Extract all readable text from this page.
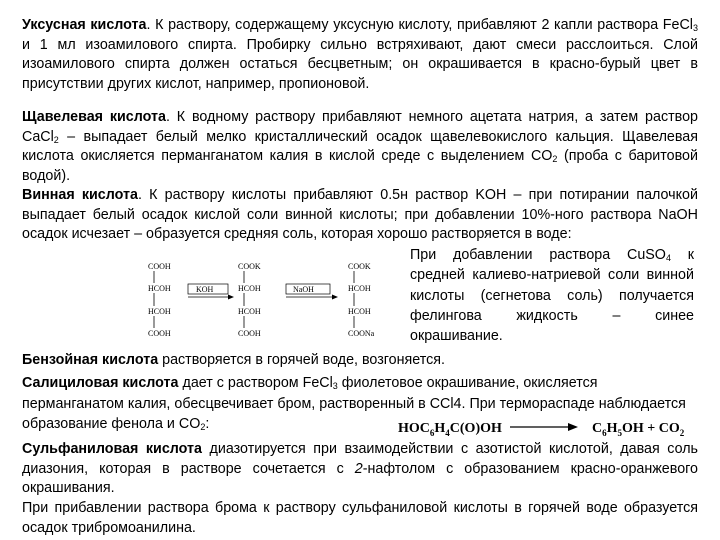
Уксусная кислота. К раствору, содержащему уксусную кислоту, прибавляют 2 капли раствора FeCl$_3$ и 1 мл изоамилового спирта. Пробирку сильно встряхивают, дают смеси расслоиться. Слой изоамилового спирта должен остаться бесцветным; он окрашивается в красно-бурый цвет в присутствии других кислот, например, пропионовой.
Щавелевая кислота. К водному раствору прибавляют немного ацетата натрия, а затем раствор CaCl$_2$ – выпадает белый мелко кристаллический осадок щавелевокислого кальция. Щавелевая кислота окисляется перманганатом калия в кислой среде с выделением $CO_2$ (проба с баритовой водой).
Винная кислота. К раствору кислоты прибавляют 0.5н раствор KOH – при потирании палочкой выпадает белый осадок кислой соли винной кислоты; при добавлении 10%-ного раствора NaOH осадок исчезает – образуется средняя соль, которая хорошо растворяется в воде:
COOH
HCOH
HCOH
COOH
KOH
COOK
HCOH
HCOH
COOH
NaOH
COOK
HCOH
HCOH
COONa
При добавлении раствора CuSO$_4$ к средней калиево-натриевой соли винной кислоты (сегнетова соль) получается фелингова жидкость – синее окрашивание.
Бензойная кислота растворяется в горячей воде, возгоняется.
Салициловая кислота дает с раствором FeCl$_3$ фиолетовое окрашивание, окисляется перманганатом калия, обесцвечивает бром, растворенный в CCl4. При термораспаде наблюдается образование фенола и $CO_2$:	$HOC_6H_4C(O)OH$	$C_6H_5OH + CO_2$
Сульфаниловая кислота диазотируется при взаимодействии с азотистой кислотой, давая соль диазония, которая в растворе сочетается с 2-нафтолом с образованием красно-оранжевого окрашивания.
При прибавлении раствора брома к раствору сульфаниловой кислоты в горячей воде образуется осадок трибромоанилина.
